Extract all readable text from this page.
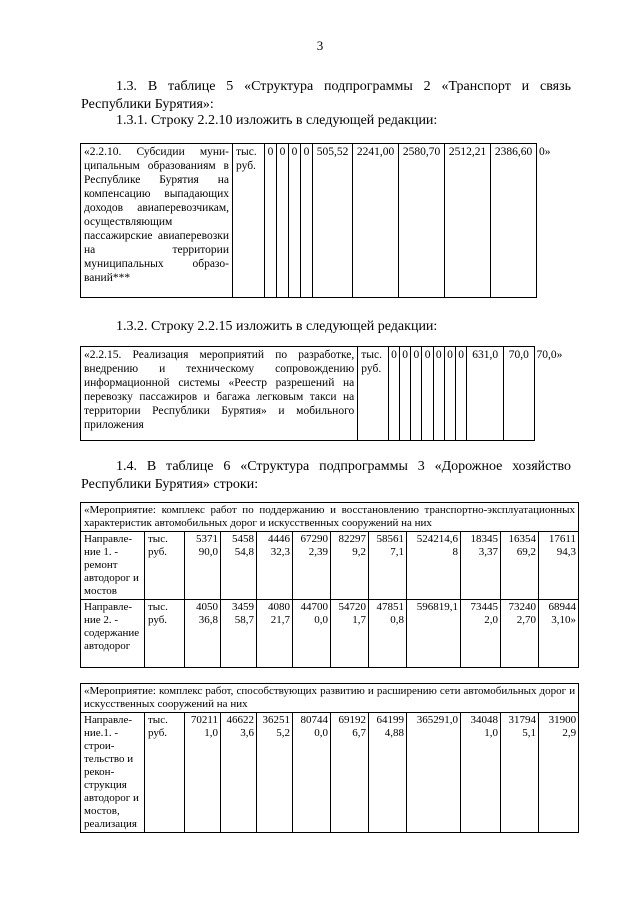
3

1.3. В таблице 5 «Структура подпрограммы 2 «Транспорт и связь Республики Бурятия»:

1.3.1. Строку 2.2.10 изложить в следующей редакции:
«2.2.10. Субсидии муниципальным образованиям в Республике Бурятия на компенсацию выпадающих доходов авиаперевозчикам, осуществляющим пассажирские авиаперевозки на территории муниципальных образований***	тыс. руб.	0	0	0	0	505,52	2241,00	2580,70	2512,21	2386,60	0»
1.3.2. Строку 2.2.15 изложить в следующей редакции:
«2.2.15. Реализация мероприятий по разработке, внедрению и техническому сопровождению информационной системы «Реестр разрешений на перевозку пассажиров и багажа легковым такси на территории Республики Бурятия» и мобильного приложения	тыс. руб.	0	0	0	0	0	0	0	631,0	70,0	70,0»

1.4. В таблице 6 «Структура подпрограммы 3 «Дорожное хозяйство Республики Бурятия» строки:

«Мероприятие: комплекс работ по поддержанию и восстановлению транспортно-эксплуатационных характеристик автомобильных дорог и искусственных сооружений на них											
Направление 1. - ремонт автодорог и мостов	тыс. руб.	5371 90,0	5458 54,8	4446 32,3	67290 2,39	82297 9,2	58561 7,1	524214,6 8	18345 3,37	16354 69,2	17611 94,3
Направление 2. - содержание автодорог	тыс. руб.	4050 36,8	3459 58,7	4080 21,7	44700 0,0	54720 1,7	47851 0,8	596819,1	73445 2,0	73240 2,70	68944 3,10»
«Мероприятие: комплекс работ, способствующих развитию и расширению сети автомобильных дорог и искусственных сооружений на них
Направление.1. - строительство и реконструкция автодорог и мостов, реализация	тыс. руб.	70211 1,0	46622 3,6	36251 5,2	80744 0,0	69192 6,7	64199 4,88	365291,0	34048 1,0	31794 5,1	31900 2,9
